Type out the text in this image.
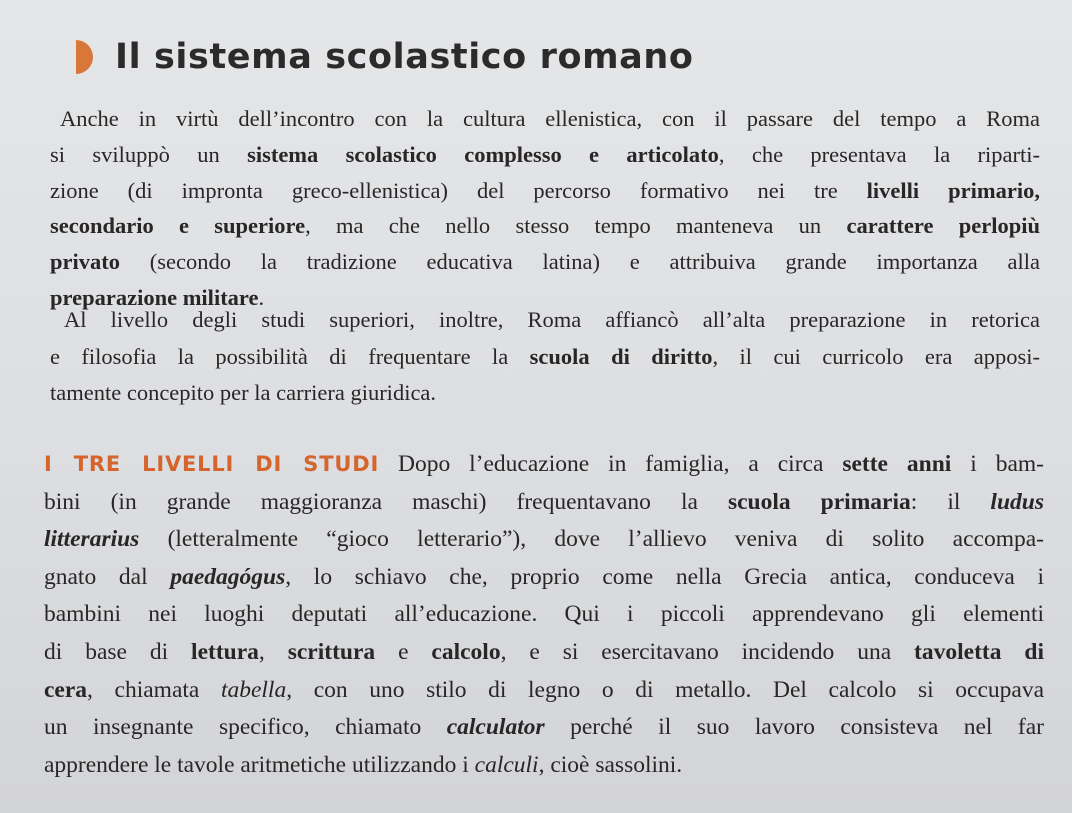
Il sistema scolastico romano
Anche in virtù dell’incontro con la cultura ellenistica, con il passare del tempo a Roma
si sviluppò un sistema scolastico complesso e articolato, che presentava la riparti-
zione (di impronta greco-ellenistica) del percorso formativo nei tre livelli primario,
secondario e superiore, ma che nello stesso tempo manteneva un carattere perlopiù
privato (secondo la tradizione educativa latina) e attribuiva grande importanza alla
preparazione militare.
Al livello degli studi superiori, inoltre, Roma affiancò all’alta preparazione in retorica
e filosofia la possibilità di frequentare la scuola di diritto, il cui curricolo era apposi-
tamente concepito per la carriera giuridica.
I TRE LIVELLI DI STUDI Dopo l’educazione in famiglia, a circa sette anni i bam-
bini (in grande maggioranza maschi) frequentavano la scuola primaria: il ludus
litterarius (letteralmente “gioco letterario”), dove l’allievo veniva di solito accompa-
gnato dal paedagógus, lo schiavo che, proprio come nella Grecia antica, conduceva i
bambini nei luoghi deputati all’educazione. Qui i piccoli apprendevano gli elementi
di base di lettura, scrittura e calcolo, e si esercitavano incidendo una tavoletta di
cera, chiamata tabella, con uno stilo di legno o di metallo. Del calcolo si occupava
un insegnante specifico, chiamato calculator perché il suo lavoro consisteva nel far
apprendere le tavole aritmetiche utilizzando i calculi, cioè sassolini.
